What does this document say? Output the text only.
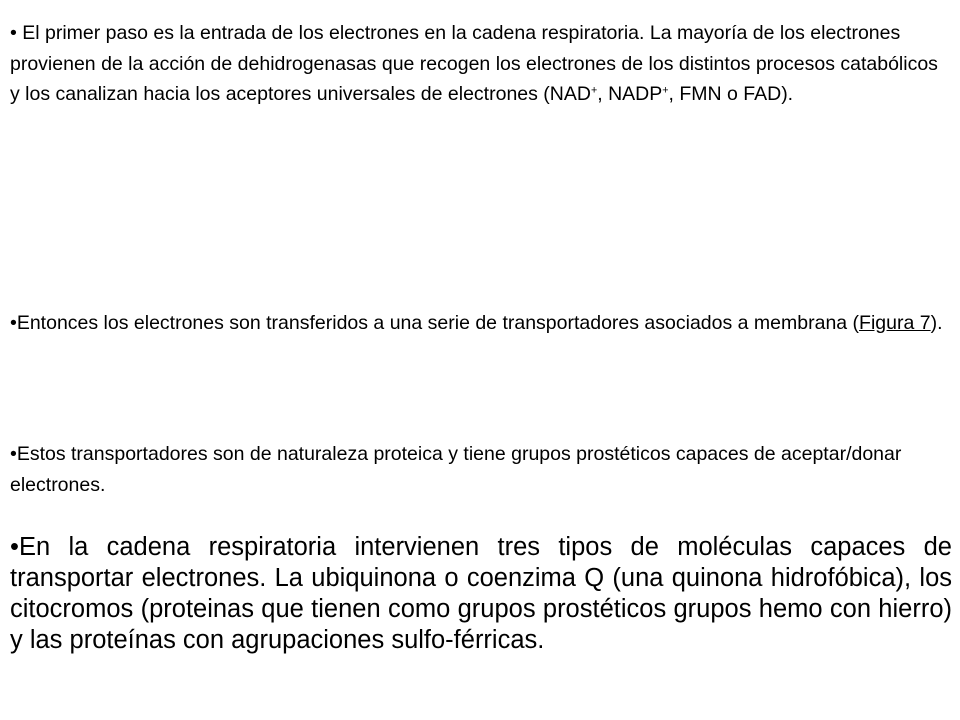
• El primer paso es la entrada de los electrones en la cadena respiratoria. La mayoría de los electrones provienen de la acción de dehidrogenasas que recogen los electrones de los distintos procesos catabólicos y los canalizan hacia los aceptores universales de electrones (NAD+, NADP+, FMN o FAD).

•Entonces los electrones son transferidos a una serie de transportadores asociados a membrana (Figura 7).

•Estos transportadores son de naturaleza proteica y tiene grupos prostéticos capaces de aceptar/donar electrones.

•En la cadena respiratoria intervienen tres tipos de moléculas capaces de transportar electrones. La ubiquinona o coenzima Q (una quinona hidrofóbica), los citocromos (proteinas que tienen como grupos prostéticos grupos hemo con hierro) y las proteínas con agrupaciones sulfo-férricas.
